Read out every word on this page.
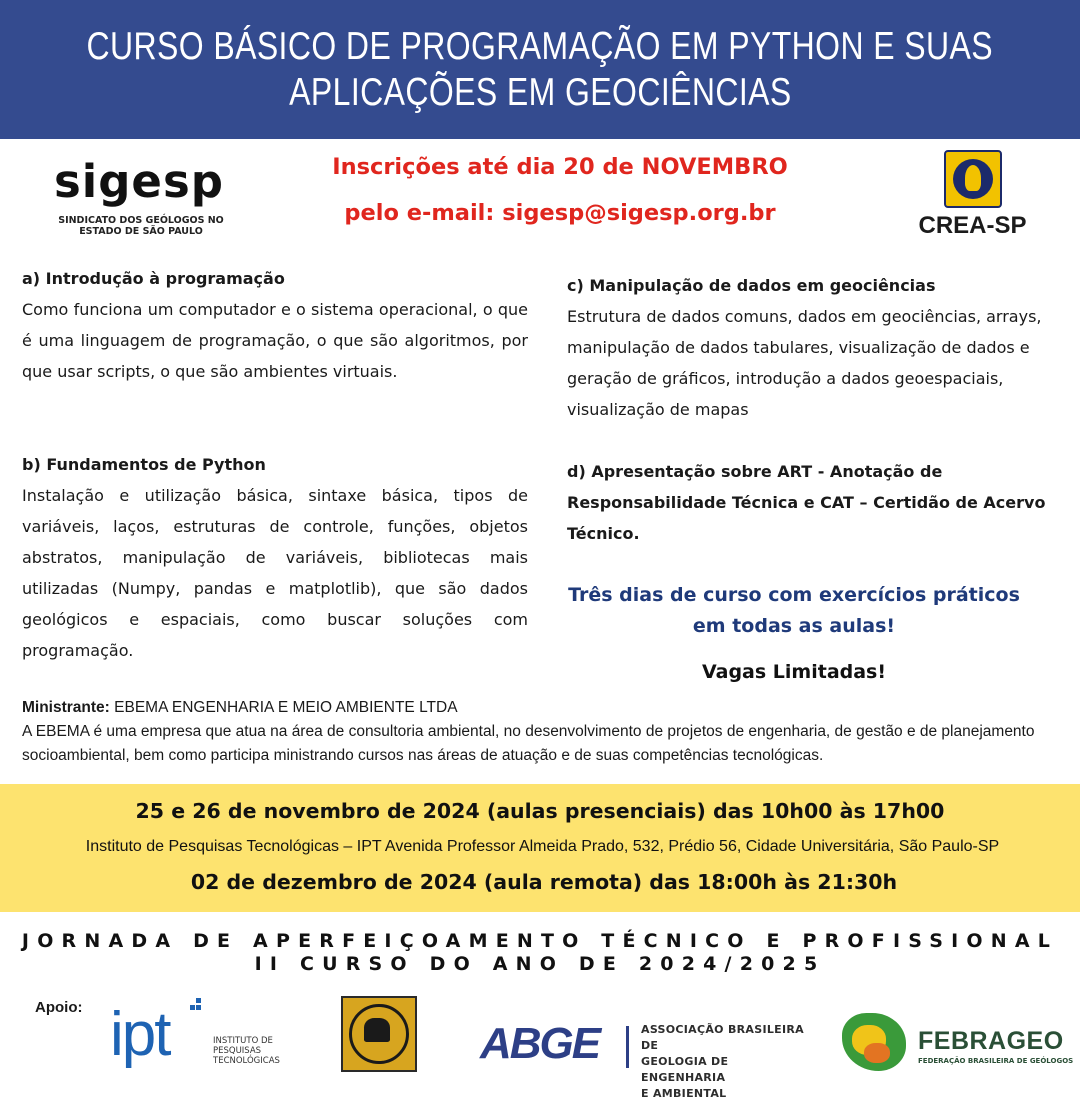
CURSO BÁSICO DE PROGRAMAÇÃO EM PYTHON E SUAS
APLICAÇÕES EM GEOCIÊNCIAS
sigesp
SINDICATO DOS GEÓLOGOS NO
ESTADO DE SÃO PAULO
Inscrições até dia 20 de NOVEMBRO
pelo e-mail: sigesp@sigesp.org.br	CREA-SP
a) Introdução à programação
Como funciona um computador e o sistema operacional, o que é uma linguagem de programação, o que são algoritmos, por que usar scripts, o que são ambientes virtuais.
b) Fundamentos de Python
Instalação e utilização básica, sintaxe básica, tipos de variáveis, laços, estruturas de controle, funções, objetos abstratos, manipulação de variáveis, bibliotecas mais utilizadas (Numpy, pandas e matplotlib), que são dados geológicos e espaciais, como buscar soluções com programação.
c) Manipulação de dados em geociências
Estrutura de dados comuns, dados em geociências, arrays, manipulação de dados tabulares, visualização de dados e geração de gráficos, introdução a dados geoespaciais, visualização de mapas
d) Apresentação sobre ART - Anotação de Responsabilidade Técnica e CAT – Certidão de Acervo Técnico.
Três dias de curso com exercícios práticos
em todas as aulas!
Vagas Limitadas!
Ministrante: EBEMA ENGENHARIA E MEIO AMBIENTE LTDA
A EBEMA é uma empresa que atua na área de consultoria ambiental, no desenvolvimento de projetos de engenharia, de gestão e de planejamento socioambiental, bem como participa ministrando cursos nas áreas de atuação e de suas competências tecnológicas.
25 e 26 de novembro de 2024 (aulas presenciais) das 10h00 às 17h00
Instituto de Pesquisas Tecnológicas – IPT Avenida Professor Almeida Prado, 532, Prédio 56, Cidade Universitária, São Paulo-SP
02 de dezembro de 2024 (aula remota) das 18:00h às 21:30h
JORNADA DE APERFEIÇOAMENTO TÉCNICO E PROFISSIONAL
II CURSO DO ANO DE 2024/2025
Apoio: ipt	INSTITUTO DE
PESQUISAS
TECNOLÓGICAS	ABGE	ASSOCIAÇÃO BRASILEIRA DE
GEOLOGIA DE ENGENHARIA
E AMBIENTAL
FEBRAGEO
FEDERAÇÃO BRASILEIRA DE GEÓLOGOS
